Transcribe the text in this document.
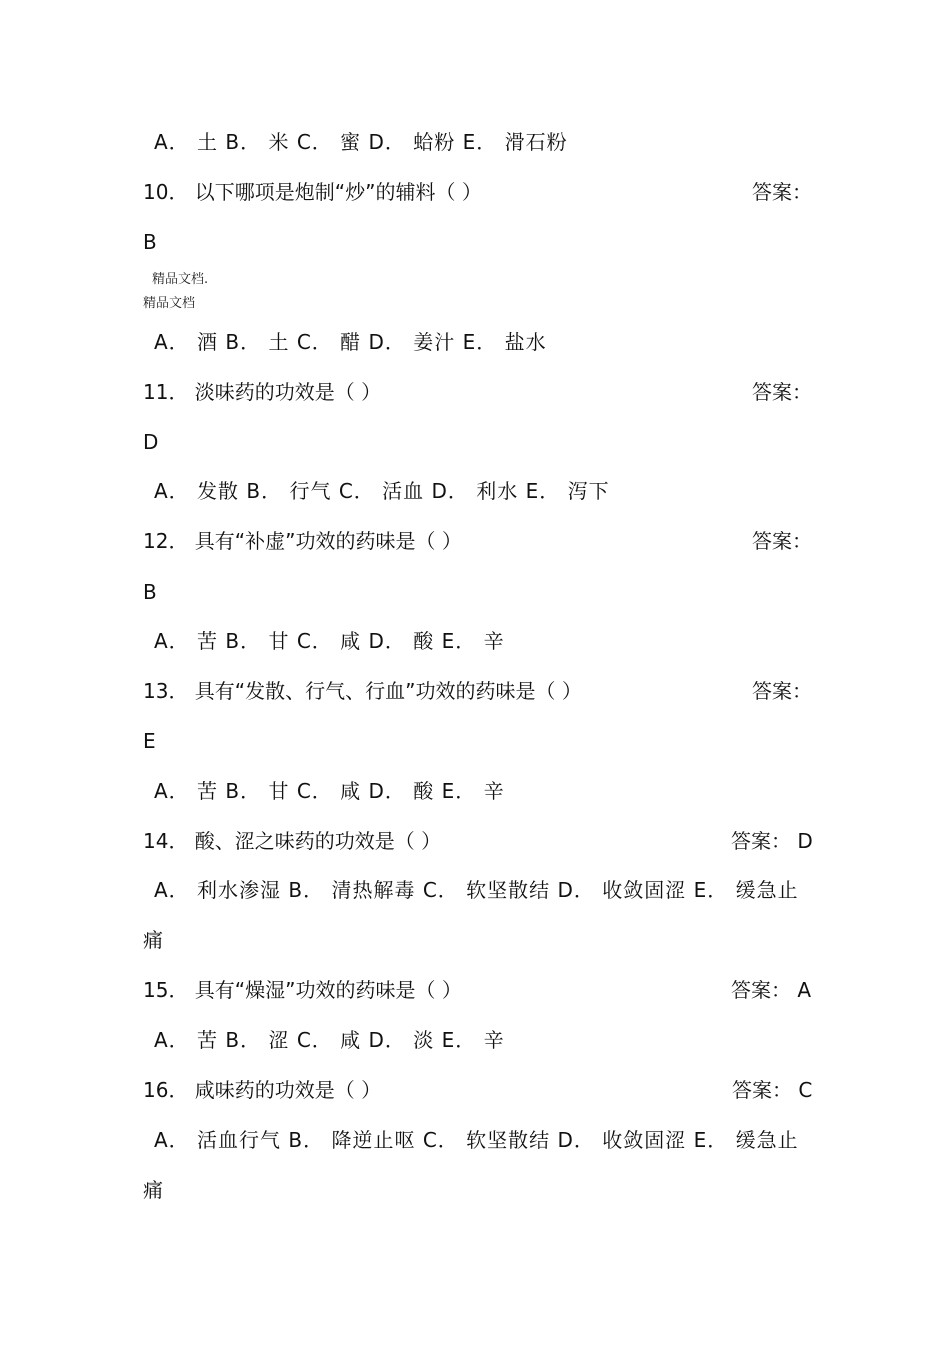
A． 土 B． 米 C． 蜜 D． 蛤粉 E． 滑石粉
10． 以下哪项是炮制“炒”的辅料（ ）	答案：
B
精品文档.
精品文档
A． 酒 B． 土 C． 醋 D． 姜汁 E． 盐水
11． 淡味药的功效是（ ）	答案：
D
A． 发散 B． 行气 C． 活血 D． 利水 E． 泻下
12． 具有“补虚”功效的药味是（ ）	答案：
B
A． 苦 B． 甘 C． 咸 D． 酸 E． 辛
13． 具有“发散、行气、行血”功效的药味是（ ）	答案：
E
A． 苦 B． 甘 C． 咸 D． 酸 E． 辛
14． 酸、涩之味药的功效是（ ）	答案： D
A． 利水渗湿 B． 清热解毒 C． 软坚散结 D． 收敛固涩 E． 缓急止
痛
15． 具有“燥湿”功效的药味是（ ）	答案： A
A． 苦 B． 涩 C． 咸 D． 淡 E． 辛
16． 咸味药的功效是（ ）	答案： C
A． 活血行气 B． 降逆止呕 C． 软坚散结 D． 收敛固涩 E． 缓急止
痛
